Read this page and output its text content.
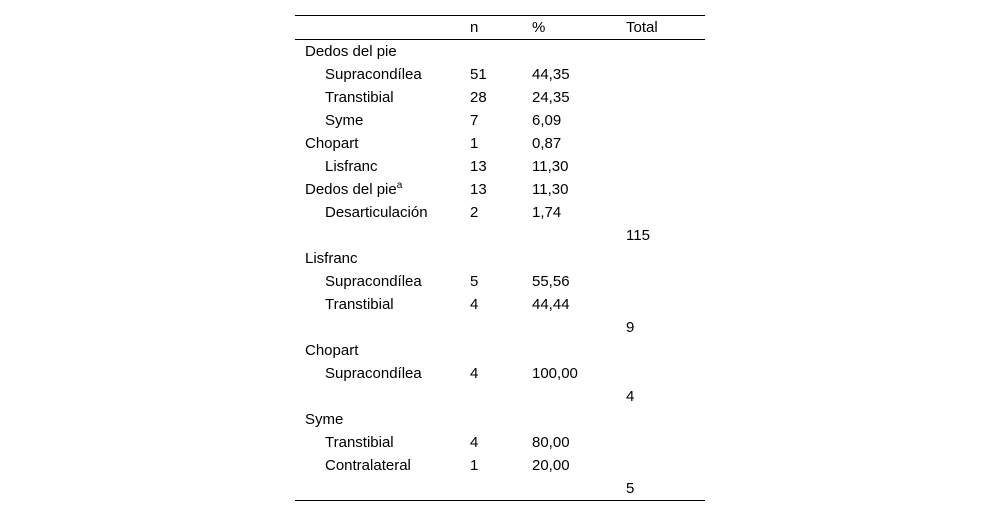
	n	%	Total
Dedos del pie			
Supracondílea	51	44,35	
Transtibial	28	24,35	
Syme	7	6,09	
Chopart	1	0,87	
Lisfranc	13	11,30	
Dedos del pie$^a$	13	11,30	
Desarticulación	2	1,74	
			115
Lisfranc			
Supracondílea	5	55,56	
Transtibial	4	44,44	
			9
Chopart			
Supracondílea	4	100,00	
			4
Syme			
Transtibial	4	80,00	
Contralateral	1	20,00	
			5
